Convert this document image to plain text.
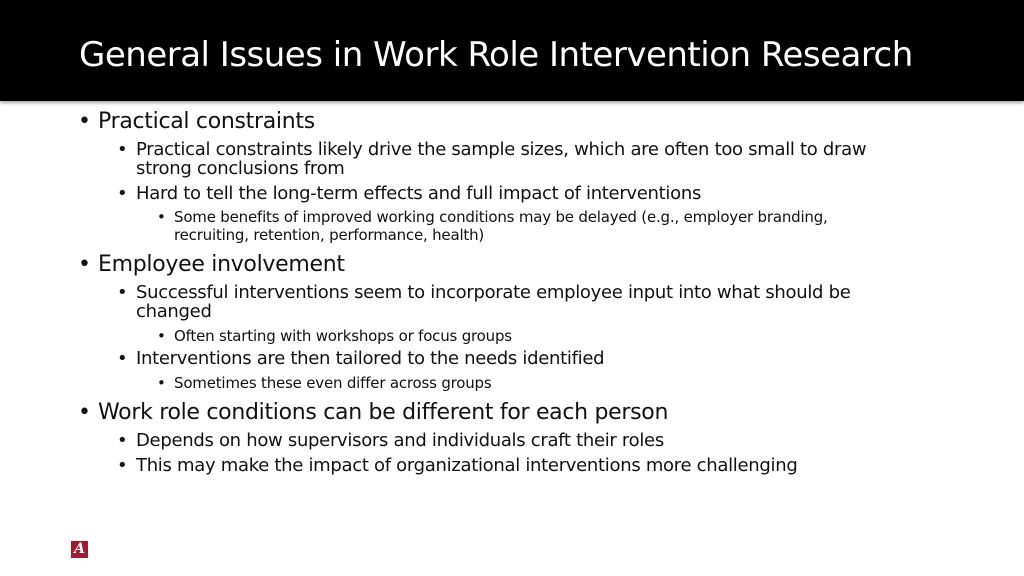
General Issues in Work Role Intervention Research
• Practical constraints
• Practical constraints likely drive the sample sizes, which are often too small to draw
strong conclusions from
• Hard to tell the long-term effects and full impact of interventions
• Some benefits of improved working conditions may be delayed (e.g., employer branding,
recruiting, retention, performance, health)
• Employee involvement
• Successful interventions seem to incorporate employee input into what should be
changed
• Often starting with workshops or focus groups
• Interventions are then tailored to the needs identified
• Sometimes these even differ across groups
• Work role conditions can be different for each person
• Depends on how supervisors and individuals craft their roles
• This may make the impact of organizational interventions more challenging
A
